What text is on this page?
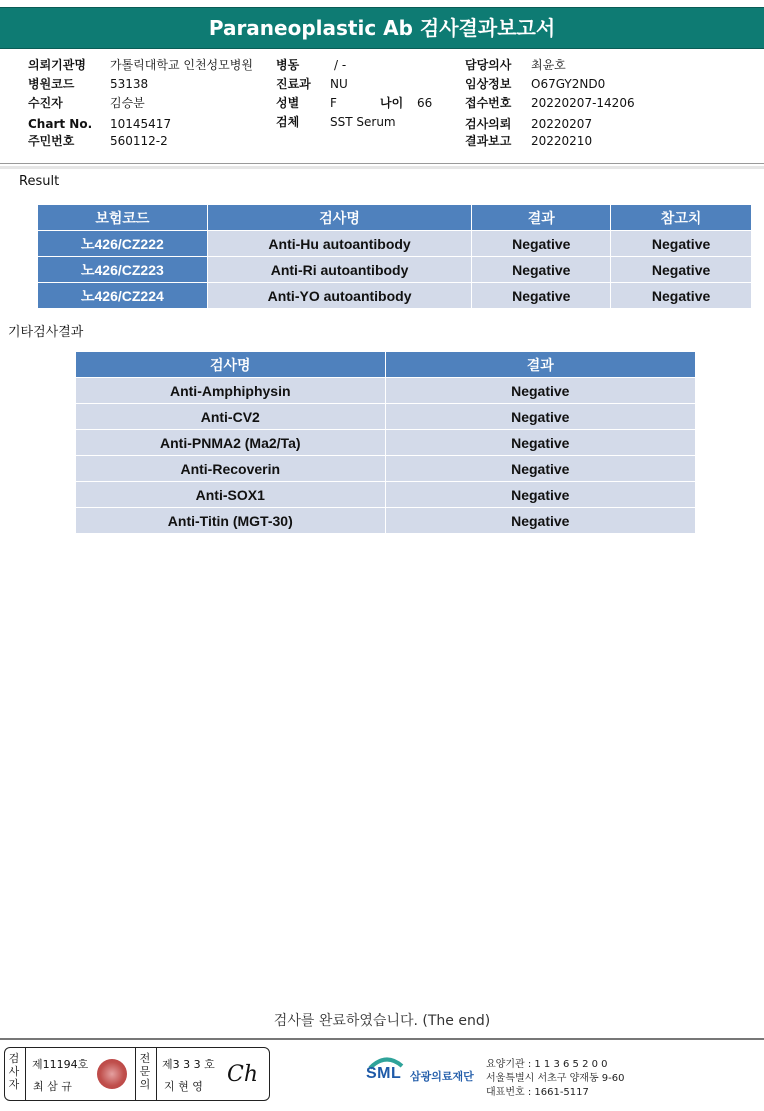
Paraneoplastic Ab 검사결과보고서
의뢰기관명 가톨릭대학교 인천성모병원
병원코드	53138
수진자	김승분
Chart No. 10145417
주민번호	560112-2
병동	/ -
진료과 NU
성별	F	나이 66
검체	SST Serum
담당의사 최윤호
임상정보 O67GY2ND0
접수번호 20220207-14206
검사의뢰 20220207
결과보고 20220210
Result
보험코드	검사명	결과	참고치
노426/CZ222	Anti-Hu autoantibody	Negative	Negative
노426/CZ223	Anti-Ri autoantibody	Negative	Negative
노426/CZ224	Anti-YO autoantibody	Negative	Negative
기타검사결과
검사명	결과
Anti-Amphiphysin	Negative
Anti-CV2	Negative
Anti-PNMA2 (Ma2/Ta)	Negative
Anti-Recoverin	Negative
Anti-SOX1	Negative
Anti-Titin (MGT-30)	Negative
검사를 완료하였습니다. (The end)
검사자
제11194호
최 삼 규
전문의
제3 3 3 호
지 현 영 Ch	SML 삼광의료재단
요양기관 : 1 1 3 6 5 2 0 0
서울특별시 서초구 양재동 9-60
대표번호 : 1661-5117
